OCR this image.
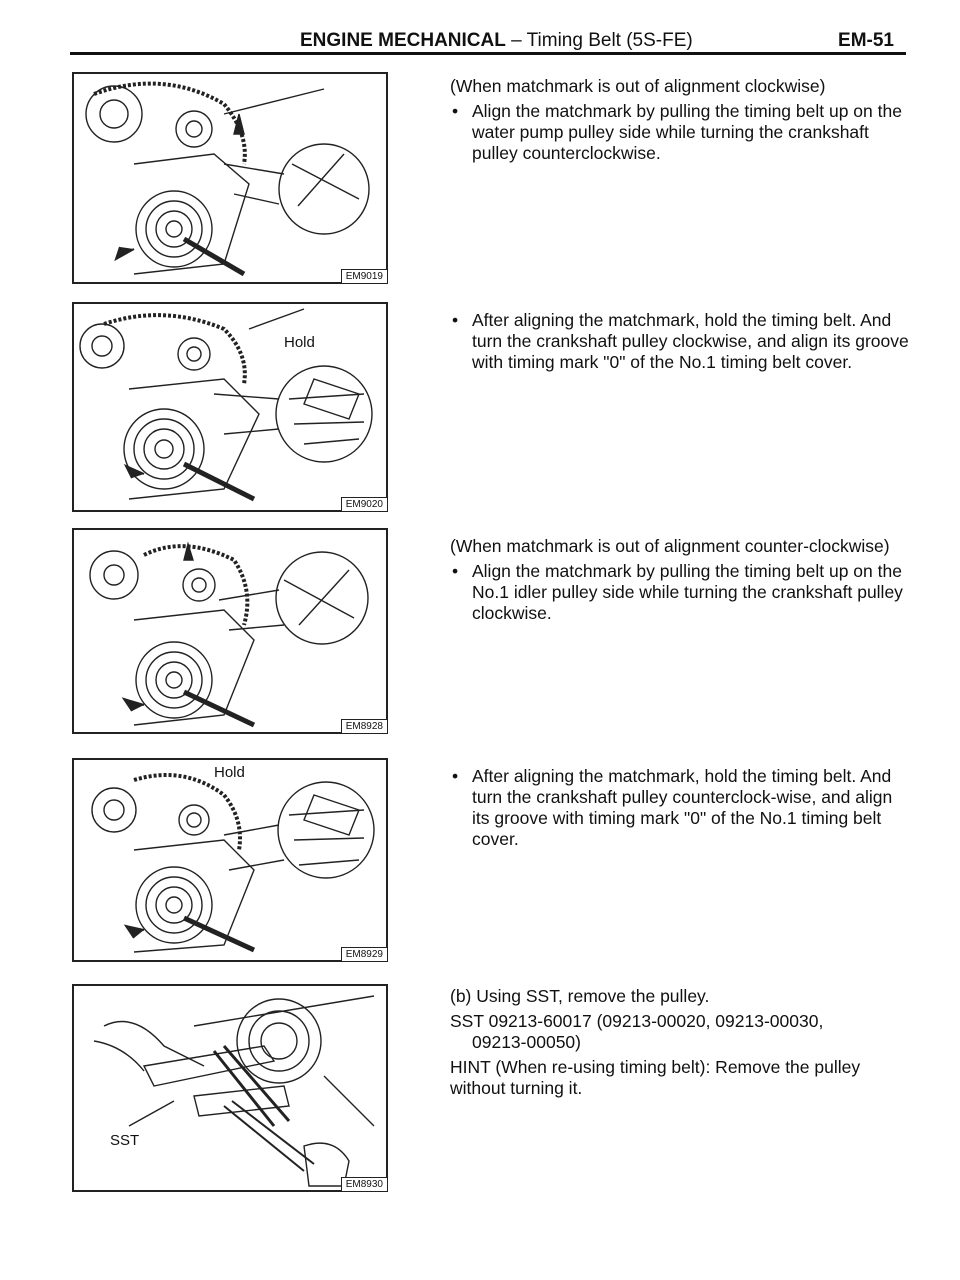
ENGINE MECHANICAL – Timing Belt (5S-FE)	EM-51
EM9019
Hold
EM9020
EM8928
Hold
EM8929
SST
EM8930

(When matchmark is out of alignment clockwise)

• Align the matchmark by pulling the timing belt up on the water pump pulley side while turning the crankshaft pulley counterclockwise.

• After aligning the matchmark, hold the timing belt. And turn the crankshaft pulley clockwise, and align its groove with timing mark "0" of the No.1 timing belt cover.

(When matchmark is out of alignment counter-clockwise)

• Align the matchmark by pulling the timing belt up on the No.1 idler pulley side while turning the crankshaft pulley clockwise.

• After aligning the matchmark, hold the timing belt. And turn the crankshaft pulley counterclock-wise, and align its groove with timing mark "0" of the No.1 timing belt cover.

(b) Using SST, remove the pulley.

SST 09213-60017 (09213-00020, 09213-00030,
09213-00050)

HINT (When re-using timing belt): Remove the pulley without turning it.
